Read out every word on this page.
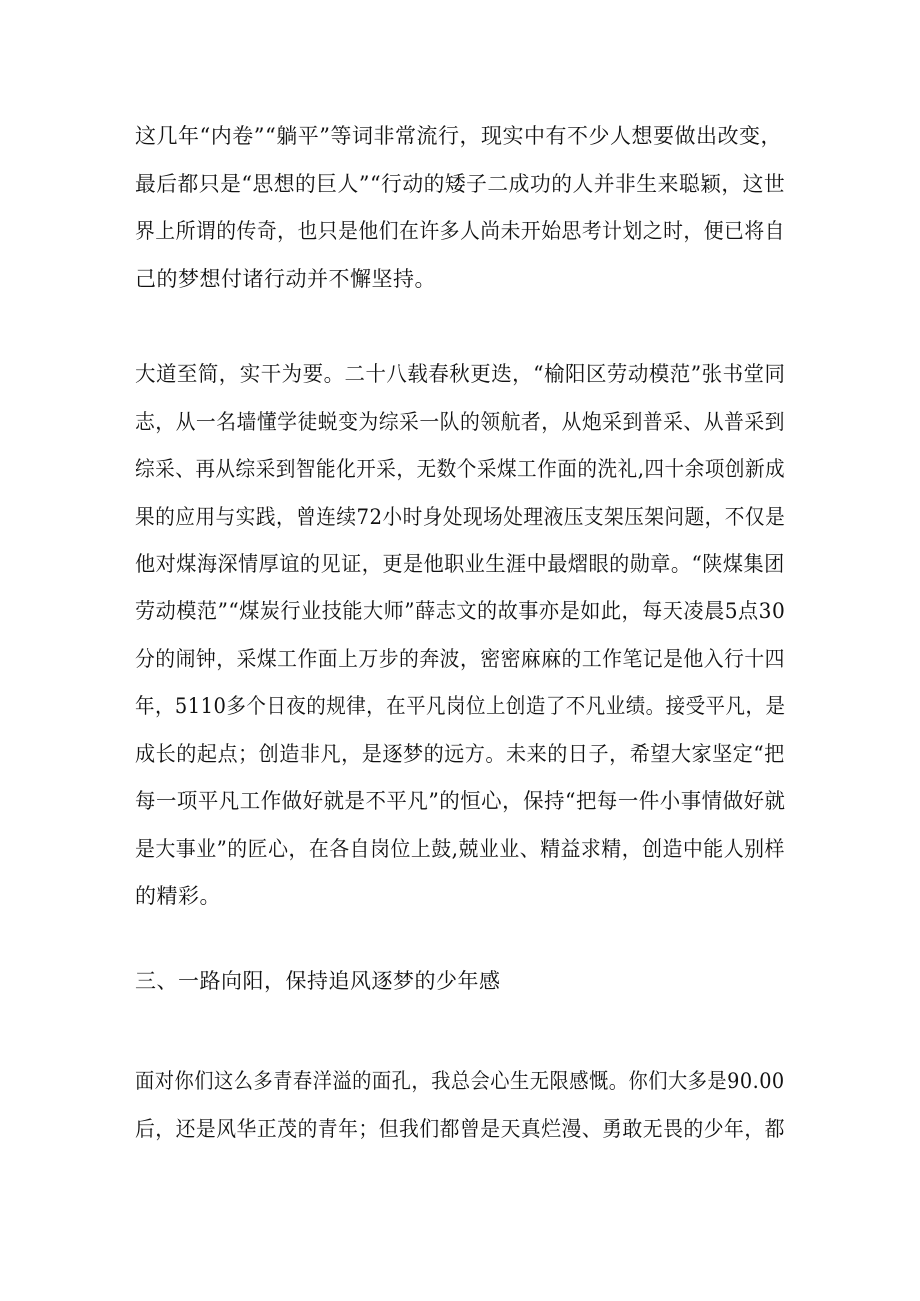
这几年“内卷”“躺平”等词非常流行，现实中有不少人想要做出改变，
最后都只是“思想的巨人”“行动的矮子二成功的人并非生来聪颖，这世
界上所谓的传奇，也只是他们在许多人尚未开始思考计划之时，便已将自
己的梦想付诸行动并不懈坚持。
大道至简，实干为要。二十八载春秋更迭，“榆阳区劳动模范”张书堂同
志，从一名墙懂学徒蜕变为综采一队的领航者，从炮采到普采、从普采到
综采、再从综采到智能化开采，无数个采煤工作面的洗礼,四十余项创新成
果的应用与实践，曾连续72小时身处现场处理液压支架压架问题，不仅是
他对煤海深情厚谊的见证，更是他职业生涯中最熠眼的勋章。“陕煤集团
劳动模范”“煤炭行业技能大师”薛志文的故事亦是如此，每天凌晨5点30
分的闹钟，采煤工作面上万步的奔波，密密麻麻的工作笔记是他入行十四
年，5110多个日夜的规律，在平凡岗位上创造了不凡业绩。接受平凡，是
成长的起点；创造非凡，是逐梦的远方。未来的日子，希望大家坚定“把
每一项平凡工作做好就是不平凡”的恒心，保持“把每一件小事情做好就
是大事业”的匠心，在各自岗位上鼓,兢业业、精益求精，创造中能人别样
的精彩。
三、一路向阳，保持追风逐梦的少年感
面对你们这么多青春洋溢的面孔，我总会心生无限感慨。你们大多是90.00
后，还是风华正茂的青年；但我们都曾是天真烂漫、勇敢无畏的少年，都
